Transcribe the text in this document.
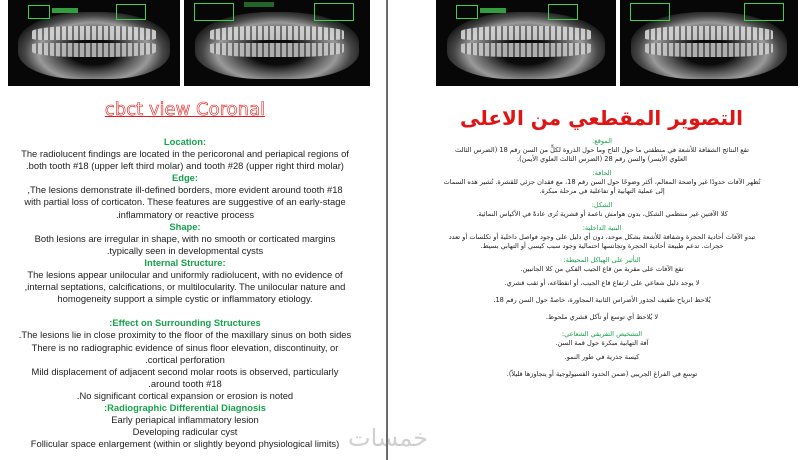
cbct view Coronal	التصوير المقطعي من الاعلى
Location:
The radiolucent findings are located in the pericoronal and periapical regions of
.both tooth #18 (upper left third molar) and tooth #28 (upper right third molar)
Edge:
,The lesions demonstrate ill-defined borders, more evident around tooth #18
with partial loss of corticaton. These features are suggestive of an early-stage
.inflammatory or reactive process
Shape:
Both lesions are irregular in shape, with no smooth or corticated margins
.typically seen in developmental cysts
Internal Structure:
The lesions appear unilocular and uniformly radiolucent, with no evidence of
,internal septations, calcifications, or multilocularity. The unilocular nature and
homogeneity support a simple cystic or inflammatory etiology.
:Effect on Surrounding Structures
.The lesions lie in close proximity to the floor of the maxillary sinus on both sides
There is no radiographic evidence of sinus floor elevation, discontinuity, or
.cortical perforation
Mild displacement of adjacent second molar roots is observed, particularly
.around tooth #18
.No significant cortical expansion or erosion is noted
:Radiographic Differential Diagnosis
Early periapical inflammatory lesion
Developing radicular cyst
Follicular space enlargement (within or slightly beyond physiological limits)
الموقع:
تقع النتائج الشفافة للأشعة في منطقتي ما حول التاج وما حول الذروة لكلٍّ من السن رقم 18 (الضرس الثالث
العلوي الأيسر) والسن رقم 28 (الضرس الثالث العلوي الأيمن).
الحافة:
تُظهر الآفات حدودًا غير واضحة المعالم، أكثر وضوحًا حول السن رقم 18، مع فقدان جزئي للقشرة. تُشير هذه السمات
إلى عملية التهابية أو تفاعلية في مرحلة مبكرة.
الشكل:
كلا الآفتين غير منتظمي الشكل، بدون هوامش ناعمة أو قشرية تُرى عادةً في الأكياس النمائية.
البنية الداخلية:
تبدو الآفات أحادية الحجرة وشفافة للأشعة بشكل موحد، دون أي دليل على وجود فواصل داخلية أو تكلسات أو تعدد
حجرات. تدعم طبيعة أحادية الحجرة وتجانسها احتمالية وجود سبب كيسي أو التهابي بسيط.
التأثير على الهياكل المحيطة:
تقع الآفات على مقربة من قاع الجيب الفكي من كلا الجانبين.
لا يوجد دليل شعاعي على ارتفاع قاع الجيب، أو انقطاعه، أو ثقب قشري.
يُلاحظ انزياح طفيف لجذور الأضراس الثانية المجاورة، خاصةً حول السن رقم 18.
لا يُلاحظ أي توسع أو تآكل قشري ملحوظ.
التشخيص التفريقي الشعاعي:
آفة التهابية مبكرة حول قمة السن.
كيسة جذرية في طور النمو.
توسع في الفراغ الجريبي (ضمن الحدود الفسيولوجية أو يتجاوزها قليلاً).
خمسات
